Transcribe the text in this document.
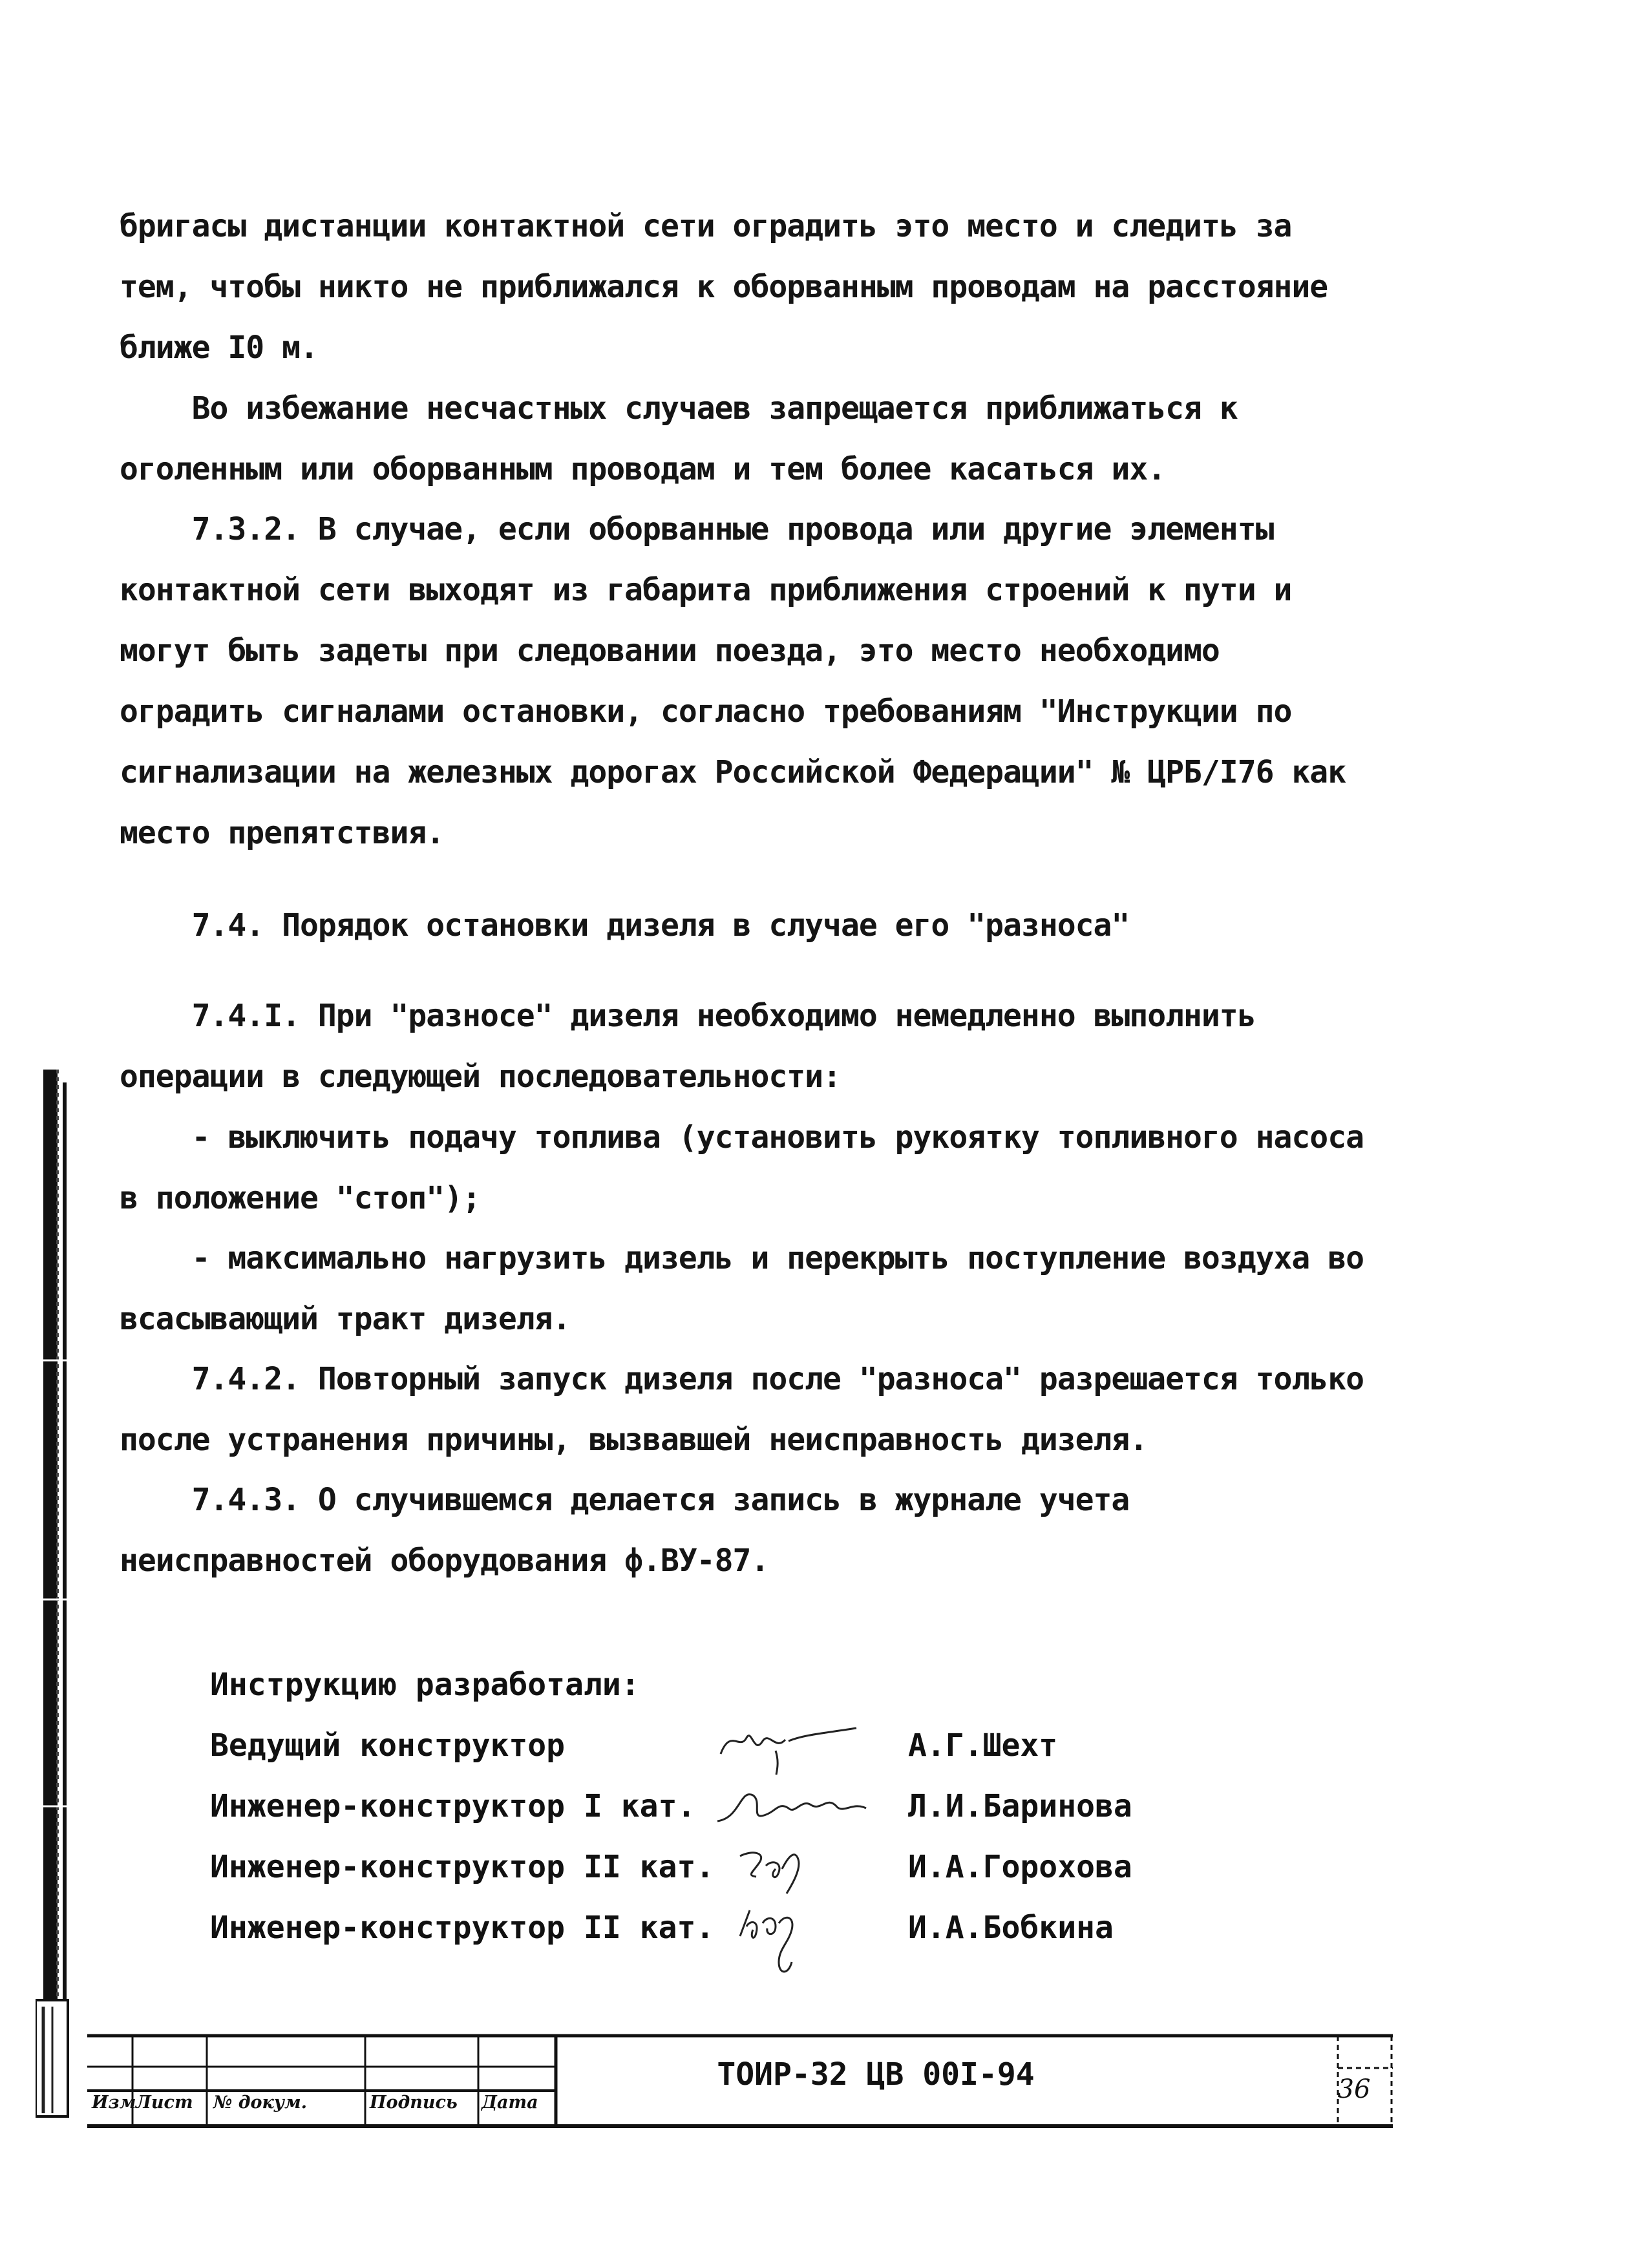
бригаcы дистанции контактной сети оградить это место и следить за тем, чтобы никто не приближался к оборванным проводам на расстояние ближе I0 м.

Во избежание несчастных случаев запрещается приближаться к оголенным или оборванным проводам и тем более касаться их.

7.3.2. В случае, если оборванные провода или другие элементы контактной сети выходят из габарита приближения строений к пути и могут быть задеты при следовании поезда, это место необходимо оградить сигналами остановки, согласно требованиям "Инструкции по сигнализации на железных дорогах Российской Федерации" № ЦРБ/I76 как место препятствия.

7.4. Порядок остановки дизеля в случае его "разноса"

7.4.I. При "разносе" дизеля необходимо немедленно выполнить операции в следующей последовательности:

- выключить подачу топлива (установить рукоятку топливного насоса в положение "стоп");

- максимально нагрузить дизель и перекрыть поступление воздуха во всасывающий тракт дизеля.

7.4.2. Повторный запуск дизеля после "разноса" разрешается только после устранения причины, вызвавшей неисправность дизеля.

7.4.3. О случившемся делается запись в журнале учета неисправностей оборудования ф.ВУ-87.

Инструкцию разработали:
Ведущий конструктор	А.Г.Шехт
Инженер-конструктор I кат.	Л.И.Баринова
Инженер-конструктор II кат.	И.А.Горохова
Инженер-конструктор II кат.	И.А.Бобкина
ТОИР-32 ЦВ 00I-94
Изм Лист № докум.	Подпись Дата	36
